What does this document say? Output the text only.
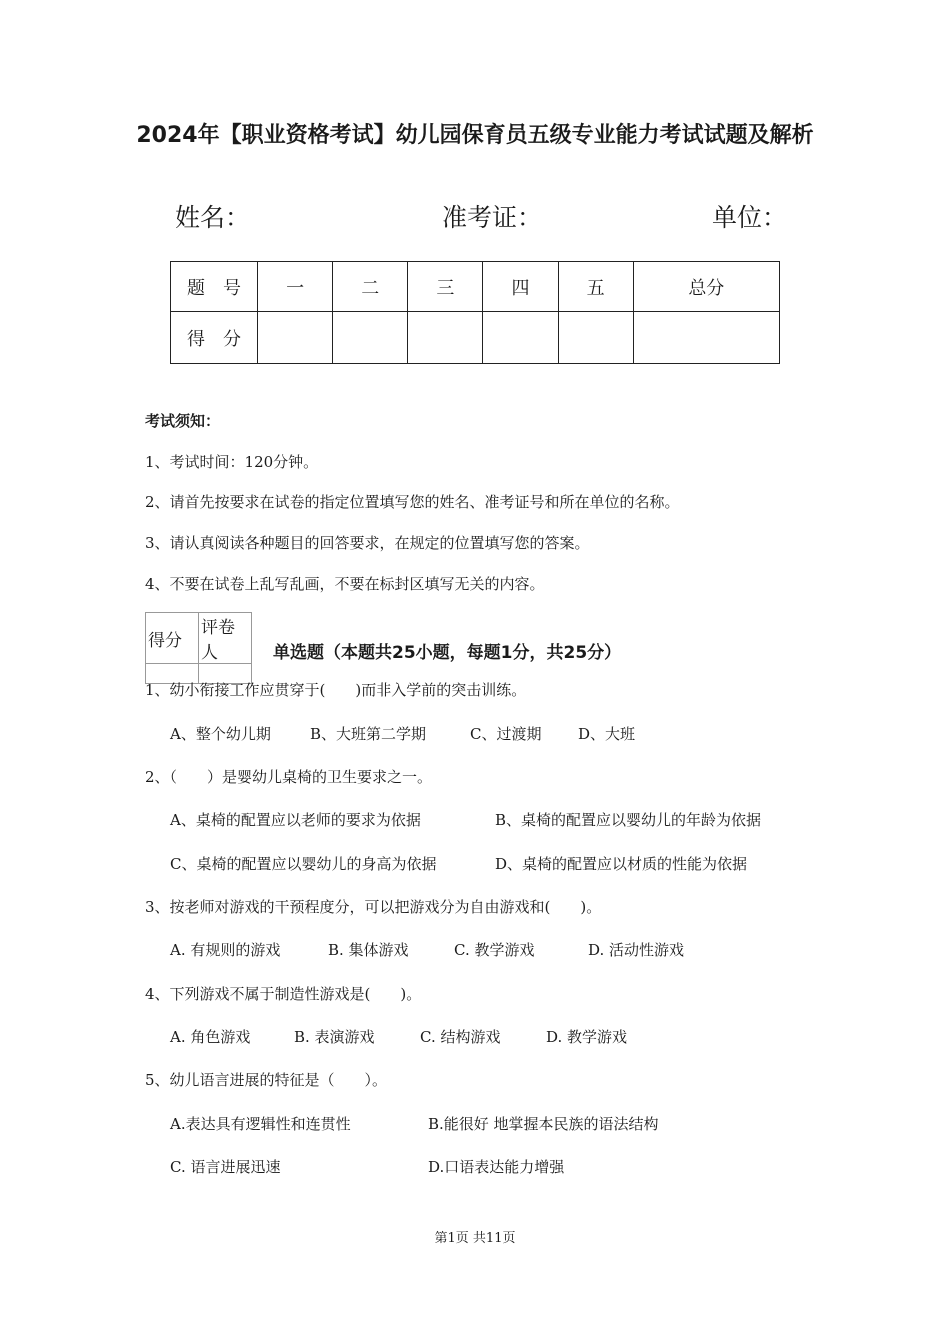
2024年【职业资格考试】幼儿园保育员五级专业能力考试试题及解析
姓名：	准考证：	单位：
题　号	一	二	三	四	五	总分
得　分						
考试须知：
1、考试时间：120分钟。
2、请首先按要求在试卷的指定位置填写您的姓名、准考证号和所在单位的名称。
3、请认真阅读各种题目的回答要求，在规定的位置填写您的答案。
4、不要在试卷上乱写乱画，不要在标封区填写无关的内容。
得分	评卷人
		单选题（本题共25小题，每题1分，共25分）
1、幼小衔接工作应贯穿于(　　)而非入学前的突击训练。
A、整个幼儿期	B、大班第二学期	C、过渡期 D、大班
2、（　　）是婴幼儿桌椅的卫生要求之一。
A、桌椅的配置应以老师的要求为依据	B、桌椅的配置应以婴幼儿的年龄为依据
C、桌椅的配置应以婴幼儿的身高为依据	D、桌椅的配置应以材质的性能为依据
3、按老师对游戏的干预程度分，可以把游戏分为自由游戏和(　　)。
A. 有规则的游戏	B. 集体游戏	C. 教学游戏	D. 活动性游戏
4、下列游戏不属于制造性游戏是(　　)。
A. 角色游戏	B. 表演游戏	C. 结构游戏	D. 教学游戏
5、幼儿语言进展的特征是（　　）。
A.表达具有逻辑性和连贯性	B.能很好 地掌握本民族的语法结构
C. 语言进展迅速	D.口语表达能力增强
第1页 共11页
